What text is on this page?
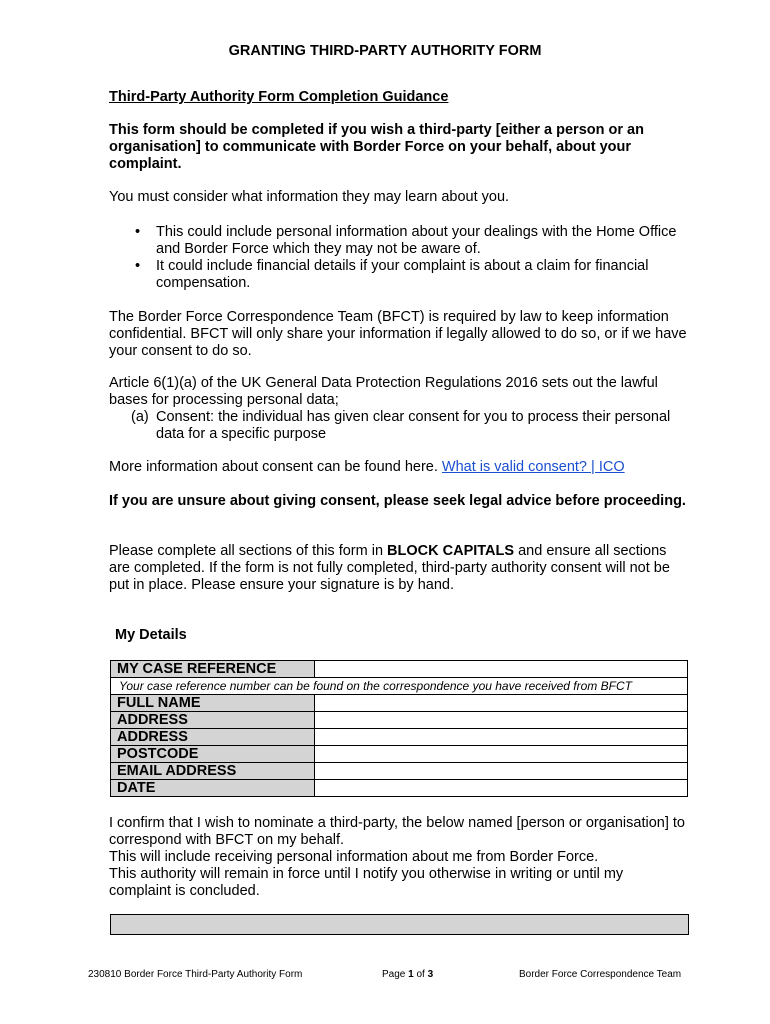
GRANTING THIRD-PARTY AUTHORITY FORM
Third-Party Authority Form Completion Guidance
This form should be completed if you wish a third-party [either a person or an organisation] to communicate with Border Force on your behalf, about your complaint.
You must consider what information they may learn about you.
• This could include personal information about your dealings with the Home Office and Border Force which they may not be aware of.
• It could include financial details if your complaint is about a claim for financial compensation.
The Border Force Correspondence Team (BFCT) is required by law to keep information confidential. BFCT will only share your information if legally allowed to do so, or if we have your consent to do so.
Article 6(1)(a) of the UK General Data Protection Regulations 2016 sets out the lawful bases for processing personal data;
(a) Consent: the individual has given clear consent for you to process their personal data for a specific purpose
More information about consent can be found here. What is valid consent? | ICO
If you are unsure about giving consent, please seek legal advice before proceeding.
Please complete all sections of this form in BLOCK CAPITALS and ensure all sections are completed. If the form is not fully completed, third-party authority consent will not be put in place. Please ensure your signature is by hand.
My Details
MY CASE REFERENCE	
Your case reference number can be found on the correspondence you have received from BFCT	
FULL NAME	
ADDRESS	
ADDRESS	
POSTCODE	
EMAIL ADDRESS	
DATE	
I confirm that I wish to nominate a third-party, the below named [person or organisation] to correspond with BFCT on my behalf.
This will include receiving personal information about me from Border Force.
This authority will remain in force until I notify you otherwise in writing or until my complaint is concluded.
230810 Border Force Third-Party Authority Form	Page 1 of 3	Border Force Correspondence Team
